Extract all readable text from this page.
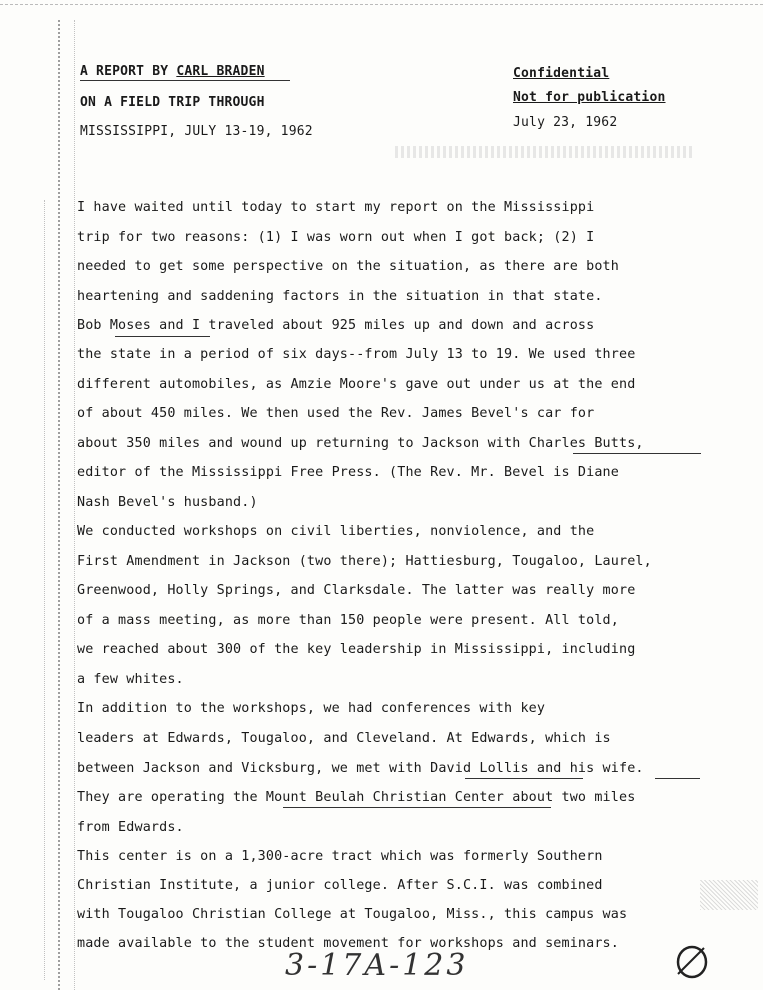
A REPORT BY CARL BRADEN
ON A FIELD TRIP THROUGH
MISSISSIPPI, JULY 13-19, 1962
Confidential
Not for publication
July 23, 1962
I have waited until today to start my report on the Mississippi
trip for two reasons: (1) I was worn out when I got back; (2) I
needed to get some perspective on the situation, as there are both
heartening and saddening factors in the situation in that state.
Bob Moses and I traveled about 925 miles up and down and across
the state in a period of six days--from July 13 to 19. We used three
different automobiles, as Amzie Moore's gave out under us at the end
of about 450 miles. We then used the Rev. James Bevel's car for
about 350 miles and wound up returning to Jackson with Charles Butts,
editor of the Mississippi Free Press. (The Rev. Mr. Bevel is Diane
Nash Bevel's husband.)
We conducted workshops on civil liberties, nonviolence, and the
First Amendment in Jackson (two there); Hattiesburg, Tougaloo, Laurel,
Greenwood, Holly Springs, and Clarksdale. The latter was really more
of a mass meeting, as more than 150 people were present. All told,
we reached about 300 of the key leadership in Mississippi, including
a few whites.
In addition to the workshops, we had conferences with key
leaders at Edwards, Tougaloo, and Cleveland. At Edwards, which is
between Jackson and Vicksburg, we met with David Lollis and his wife.
They are operating the Mount Beulah Christian Center about two miles
from Edwards.
This center is on a 1,300-acre tract which was formerly Southern
Christian Institute, a junior college. After S.C.I. was combined
with Tougaloo Christian College at Tougaloo, Miss., this campus was
made available to the student movement for workshops and seminars.
3-17A-123
